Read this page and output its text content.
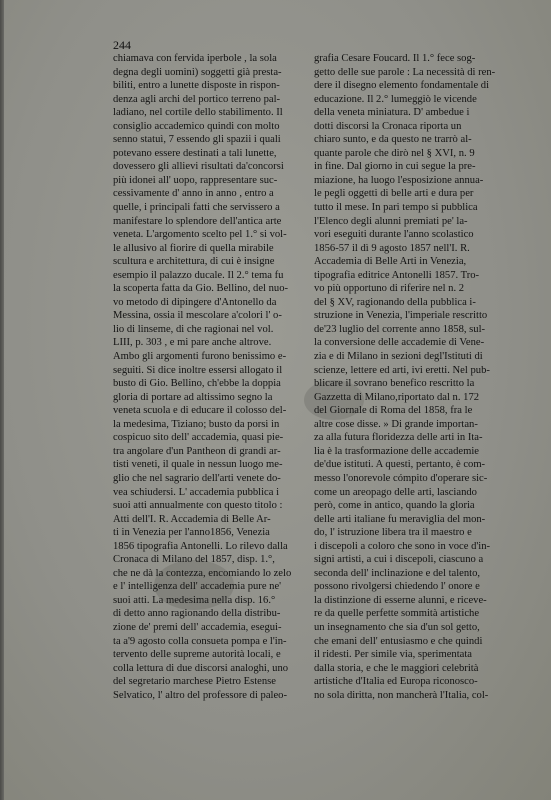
244
chiamava con fervida iperbole , la sola
degna degli uomini) soggetti già presta-
biliti, entro a lunette disposte in rispon-
denza agli archi del portico terreno pal-
ladiano, nel cortile dello stabilimento. Il
consiglio accademico quindi con molto
senno statuì, 7 essendo gli spazii i quali
potevano essere destinati a tali lunette,
dovessero gli allievi risultati da'concorsi
più idonei all' uopo, rappresentare suc-
cessivamente d' anno in anno , entro a
quelle, i principali fatti che servissero a
manifestare lo splendore dell'antica arte
veneta. L'argomento scelto pel 1.° si vol-
le allusivo al fiorire di quella mirabile
scultura e architettura, di cui è insigne
esempio il palazzo ducale. Il 2.° tema fu
la scoperta fatta da Gio. Bellino, del nuo-
vo metodo di dipingere d'Antonello da
Messina, ossia il mescolare a'colori l' o-
lio di linseme, di che ragionai nel vol.
LIII, p. 303 , e mi pare anche altrove.
Ambo gli argomenti furono benissimo e-
seguiti. Si dice inoltre essersi allogato il
busto di Gio. Bellino, ch'ebbe la doppia
gloria di portare ad altissimo segno la
veneta scuola e di educare il colosso del-
la medesima, Tiziano; busto da porsi in
cospicuo sito dell' accademia, quasi pie-
tra angolare d'un Pantheon di grandi ar-
tisti veneti, il quale in nessun luogo me-
glio che nel sagrario dell'arti venete do-
vea schiudersi. L' accademia pubblica i
suoi atti annualmente con questo titolo :
Atti dell'I. R. Accademia di Belle Ar-
ti in Venezia per l'anno1856, Venezia
1856 tipografia Antonelli. Lo rilevo dalla
Cronaca di Milano del 1857, disp. 1.°,
che ne dà la contezza, encomiando lo zelo
e l' intelligenza dell' accademia pure ne'
suoi atti. La medesima nella disp. 16.°
di detto anno ragionando della distribu-
zione de' premi dell' accademia, esegui-
ta a'9 agosto colla consueta pompa e l'in-
tervento delle supreme autorità locali, e
colla lettura di due discorsi analoghi, uno
del segretario marchese Pietro Estense
Selvatico, l' altro del professore di paleo-
grafia Cesare Foucard. Il 1.° fece sog-
getto delle sue parole : La necessità di ren-
dere il disegno elemento fondamentale di
educazione. Il 2.° lumeggiò le vicende
della veneta miniatura. D' ambedue i
dotti discorsi la Cronaca riporta un
chiaro sunto, e da questo ne trarrò al-
quante parole che dirò nel § XVI, n. 9
in fine. Dal giorno in cui segue la pre-
miazione, ha luogo l'esposizione annua-
le pegli oggetti di belle arti e dura per
tutto il mese. In pari tempo si pubblica
l'Elenco degli alunni premiati pe' la-
vori eseguiti durante l'anno scolastico
1856-57 il dì 9 agosto 1857 nell'I. R.
Accademia di Belle Arti in Venezia,
tipografia editrice Antonelli 1857. Tro-
vo più opportuno di riferire nel n. 2
del § XV, ragionando della pubblica i-
struzione in Venezia, l'imperiale rescritto
de'23 luglio del corrente anno 1858, sul-
la conversione delle accademie di Vene-
zia e di Milano in sezioni degl'Istituti di
scienze, lettere ed arti, ivi eretti. Nel pub-
blicare il sovrano benefico rescritto la
Gazzetta di Milano,riportato dal n. 172
del Giornale di Roma del 1858, fra le
altre cose disse. » Di grande importan-
za alla futura floridezza delle arti in Ita-
lia è la trasformazione delle accademie
de'due istituti. A questi, pertanto, è com-
messo l'onorevole cómpito d'operare sic-
come un areopago delle arti, lasciando
però, come in antico, quando la gloria
delle arti italiane fu meraviglia del mon-
do, l' istruzione libera tra il maestro e
i discepoli a coloro che sono in voce d'in-
signi artisti, a cui i discepoli, ciascuno a
seconda dell' inclinazione e del talento,
possono rivolgersi chiedendo l' onore e
la distinzione di esserne alunni, e riceve-
re da quelle perfette sommità artistiche
un insegnamento che sia d'un sol getto,
che emani dell' entusiasmo e che quindi
il ridesti. Per simile via, sperimentata
dalla storia, e che le maggiori celebrità
artistiche d'Italia ed Europa riconosco-
no sola diritta, non mancherà l'Italia, col-
